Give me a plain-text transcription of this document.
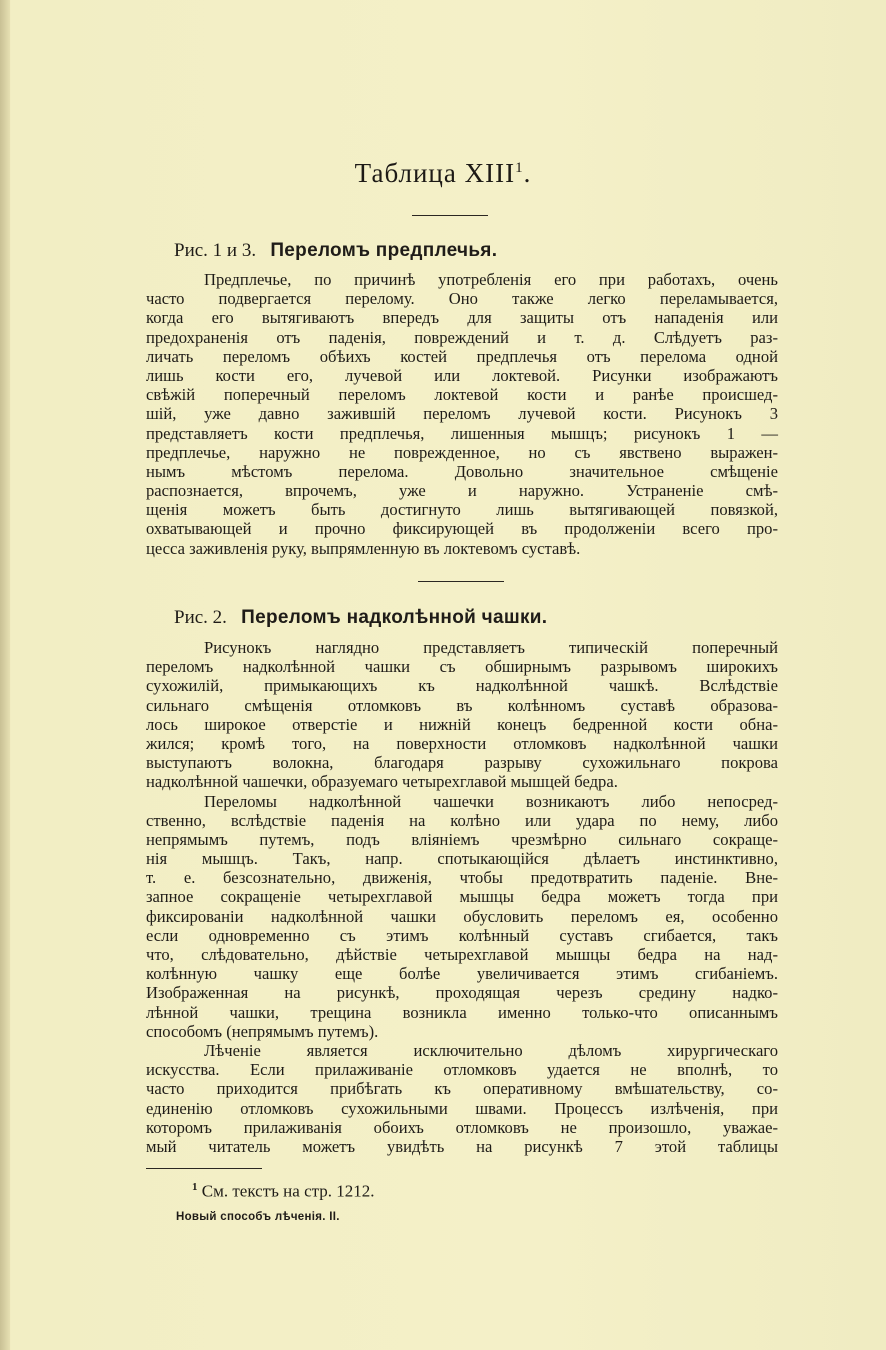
Таблица XIII$^1$.
Рис. 1 и 3. Переломъ предплечья.
Предплечье, по причинѣ употребленія его при работахъ, очень
часто подвергается перелому. Оно также легко переламывается,
когда его вытягиваютъ впередъ для защиты отъ нападенія или
предохраненія отъ паденія, повреждений и т. д. Слѣдуетъ раз-
личать переломъ обѣихъ костей предплечья отъ перелома одной
лишь кости его, лучевой или локтевой. Рисунки изображаютъ
свѣжій поперечный переломъ локтевой кости и ранѣе происшед-
шій, уже давно зажившій переломъ лучевой кости. Рисунокъ 3
представляетъ кости предплечья, лишенныя мышцъ; рисунокъ 1 —
предплечье, наружно не поврежденное, но съ явствено выражен-
нымъ мѣстомъ перелома. Довольно значительное смѣщеніе
распознается, впрочемъ, уже и наружно. Устраненіе смѣ-
щенія можетъ быть достигнуто лишь вытягивающей повязкой,
охватывающей и прочно фиксирующей въ продолженіи всего про-
цесса заживленія руку, выпрямленную въ локтевомъ суставѣ.
Рис. 2. Переломъ надколѣнной чашки.
Рисунокъ наглядно представляетъ типическій поперечный
переломъ надколѣнной чашки съ обширнымъ разрывомъ широкихъ
сухожилій, примыкающихъ къ надколѣнной чашкѣ. Вслѣдствіе
сильнаго смѣщенія отломковъ въ колѣнномъ суставѣ образова-
лось широкое отверстіе и нижній конецъ бедренной кости обна-
жился; кромѣ того, на поверхности отломковъ надколѣнной чашки
выступаютъ волокна, благодаря разрыву сухожильнаго покрова
надколѣнной чашечки, образуемаго четырехглавой мышцей бедра.
Переломы надколѣнной чашечки возникаютъ либо непосред-
ственно, вслѣдствіе паденія на колѣно или удара по нему, либо
непрямымъ путемъ, подъ вліяніемъ чрезмѣрно сильнаго сокраще-
нія мышцъ. Такъ, напр. спотыкающійся дѣлаетъ инстинктивно,
т. е. безсознательно, движенія, чтобы предотвратить паденіе. Вне-
запное сокращеніе четырехглавой мышцы бедра можетъ тогда при
фиксированіи надколѣнной чашки обусловить переломъ ея, особенно
если одновременно съ этимъ колѣнный суставъ сгибается, такъ
что, слѣдовательно, дѣйствіе четырехглавой мышцы бедра на над-
колѣнную чашку еще болѣе увеличивается этимъ сгибаніемъ.
Изображенная на рисункѣ, проходящая черезъ средину надко-
лѣнной чашки, трещина возникла именно только-что описаннымъ
способомъ (непрямымъ путемъ).
Лѣченіе является исключительно дѣломъ хирургическаго
искусства. Если прилаживаніе отломковъ удается не вполнѣ, то
часто приходится прибѣгать къ оперативному вмѣшательству, со-
единенію отломковъ сухожильными швами. Процессъ излѣченія, при
которомъ прилаживанія обоихъ отломковъ не произошло, уважае-
мый читатель можетъ увидѣть на рисункѣ 7 этой таблицы
$^1$ См. текстъ на стр. 1212.
Новый способъ лѣченія. II.
